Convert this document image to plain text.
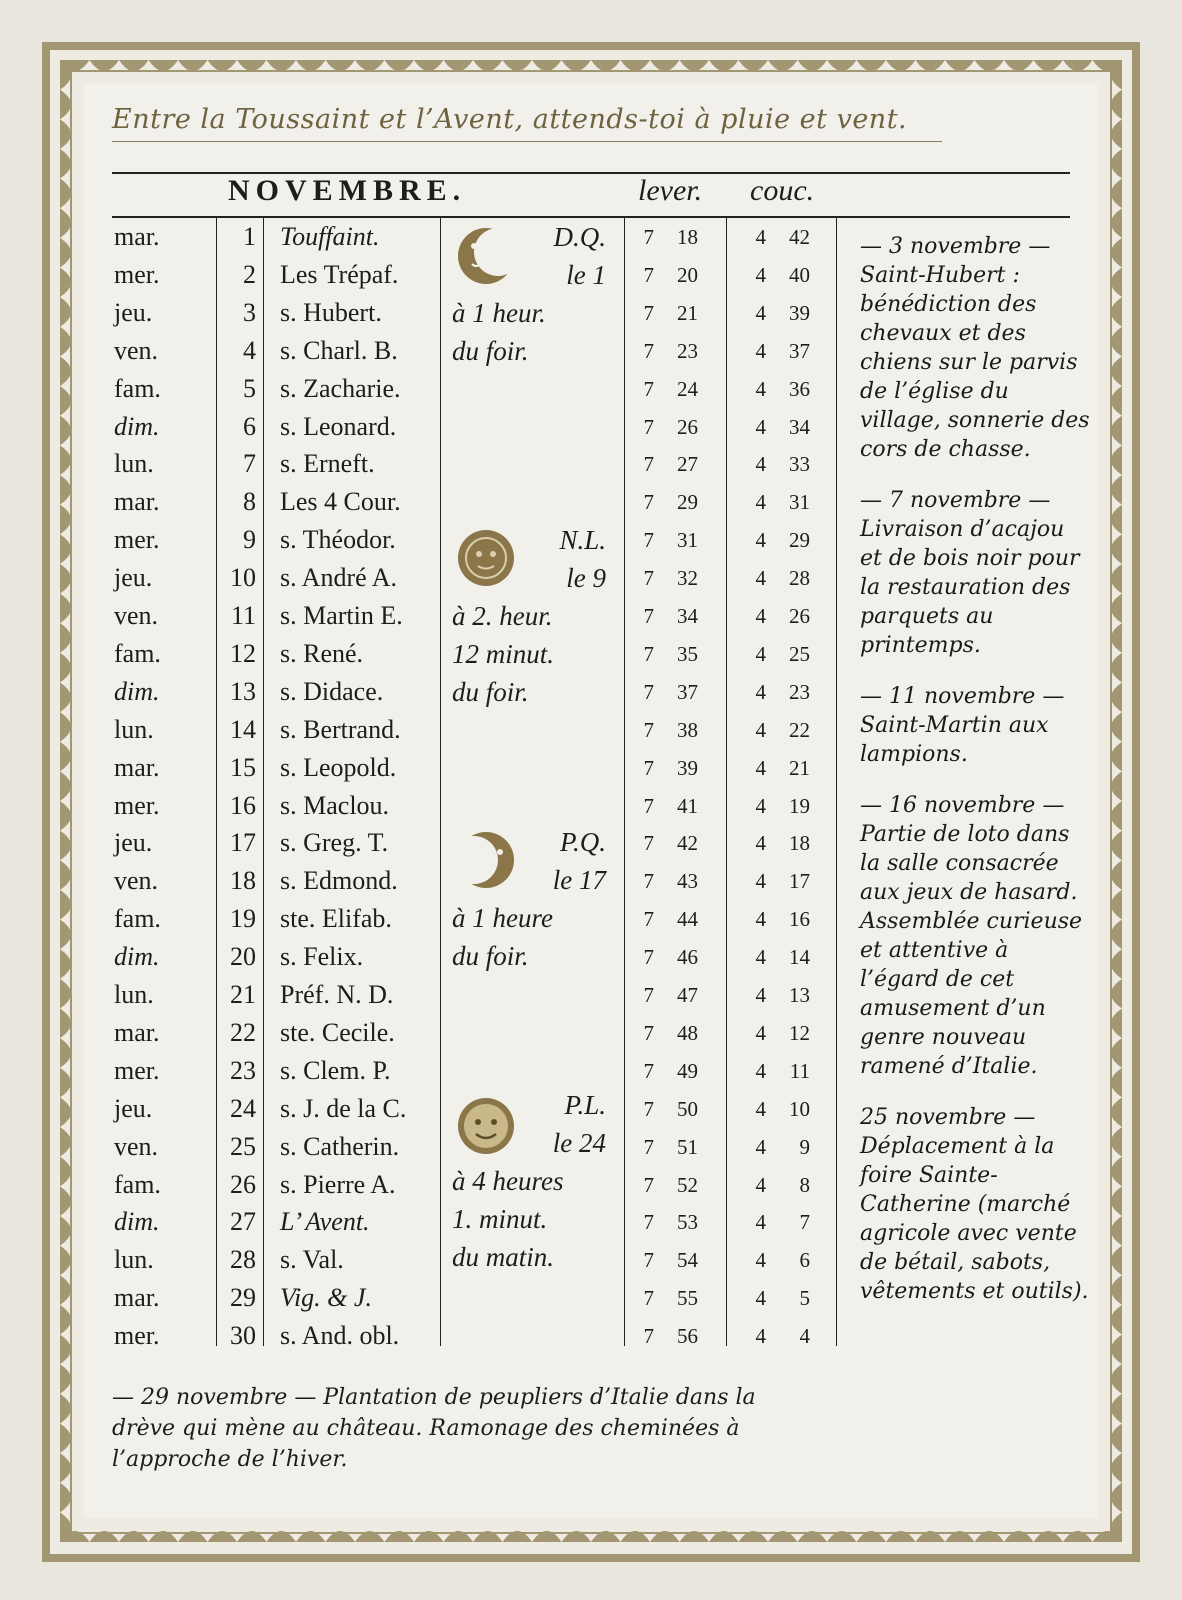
Entre la Toussaint et l’Avent, attends-toi à pluie et vent.
NOVEMBRE.	lever. couc.
mar.	1 Touffaint.	7	18	4	42
mer.	2 Les Trépaf.	7	20	4	40
jeu.	3 s. Hubert.	7	21	4	39
ven.	4 s. Charl. B.	7	23	4	37
fam.	5 s. Zacharie.	7	24	4	36
dim.	6 s. Leonard.	7	26	4	34
lun.	7 s. Erneft.	7	27	4	33
mar.	8 Les 4 Cour.	7	29	4	31
mer.	9 s. Théodor.	7	31	4	29
jeu.	10 s. André A.	7	32	4	28
ven.	11 s. Martin E.	7	34	4	26
fam.	12 s. René.	7	35	4	25
dim.	13 s. Didace.	7	37	4	23
lun.	14 s. Bertrand.	7	38	4	22
mar.	15 s. Leopold.	7	39	4	21
mer.	16 s. Maclou.	7	41	4	19
jeu.	17 s. Greg. T.	7	42	4	18
ven.	18 s. Edmond.	7	43	4	17
fam.	19 ste. Elifab.	7	44	4	16
dim.	20 s. Felix.	7	46	4	14
lun.	21 Préf. N. D.	7	47	4	13
mar.	22 ste. Cecile.	7	48	4	12
mer.	23 s. Clem. P.	7	49	4	11
jeu.	24 s. J. de la C.	7	50	4	10
ven.	25 s. Catherin.	7	51	4	9
fam.	26 s. Pierre A.	7	52	4	8
dim.	27 L’ Avent.	7	53	4	7
lun.	28 s. Val.	7	54	4	6
mar.	29 Vig. & J.	7	55	4	5
mer.	30 s. And. obl.	7	56	4	4
D.Q.
le 1
à 1 heur.
du foir.
N.L.
le 9
à 2. heur.
12 minut.
du foir.
P.Q.
le 17
à 1 heure
du foir.
P.L.
le 24
à 4 heures
1. minut.
du matin.

— 3 novembre — Saint-Hubert : bénédiction des chevaux et des chiens sur le parvis de l’église du village, sonnerie des cors de chasse.

— 7 novembre — Livraison d’acajou et de bois noir pour la restauration des parquets au printemps.

— 11 novembre — Saint-Martin aux lampions.

— 16 novembre — Partie de loto dans la salle consacrée aux jeux de hasard. Assemblée curieuse et attentive à l’égard de cet amusement d’un genre nouveau ramené d’Italie.

25 novembre — Déplacement à la foire Sainte-Catherine (marché agricole avec vente de bétail, sabots, vêtements et outils).

— 29 novembre — Plantation de peupliers d’Italie dans la drève qui mène au château. Ramonage des cheminées à l’approche de l’hiver.
